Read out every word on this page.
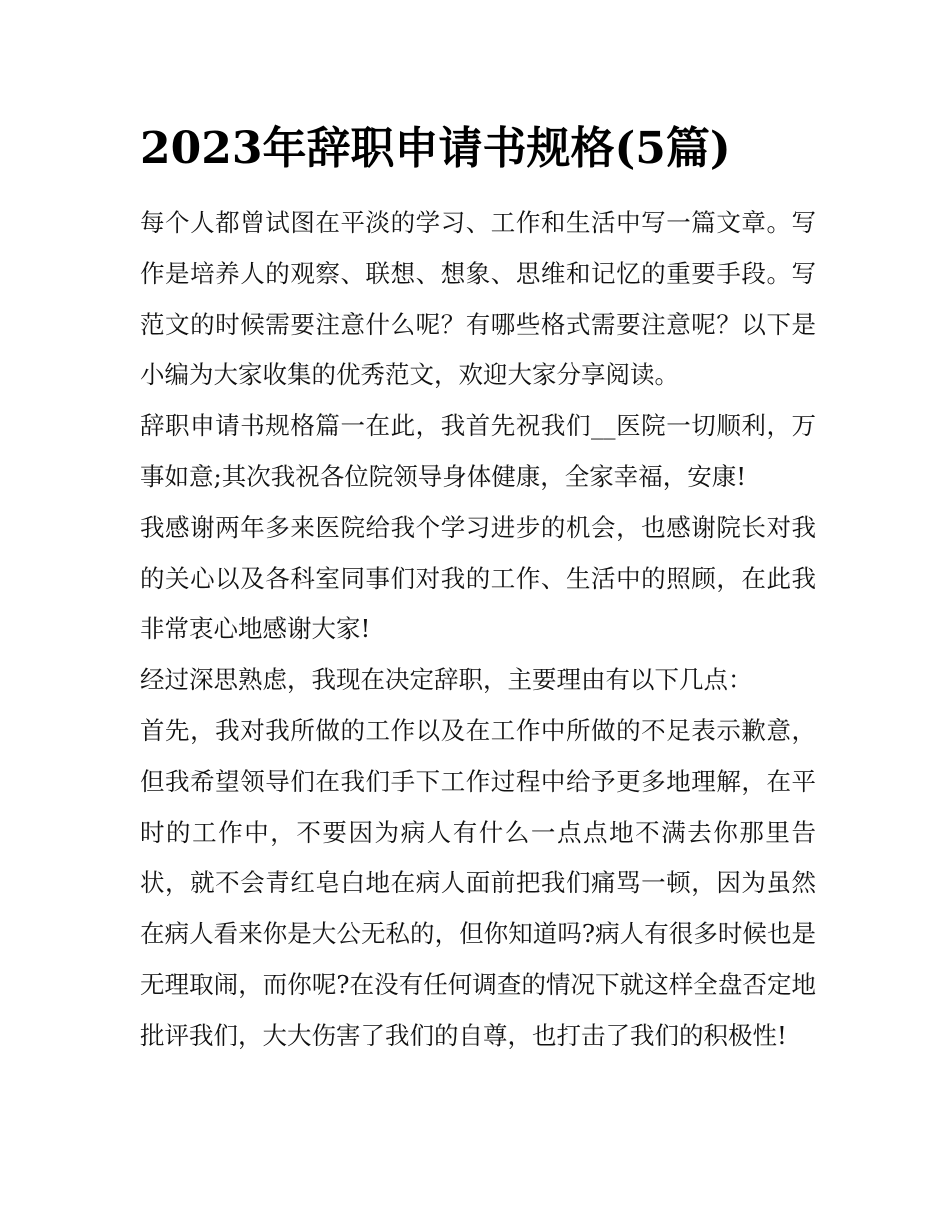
2023年辞职申请书规格(5篇)

每个人都曾试图在平淡的学习、工作和生活中写一篇文章。写作是培养人的观察、联想、想象、思维和记忆的重要手段。写范文的时候需要注意什么呢？有哪些格式需要注意呢？以下是小编为大家收集的优秀范文，欢迎大家分享阅读。

辞职申请书规格篇一在此，我首先祝我们__医院一切顺利，万事如意;其次我祝各位院领导身体健康，全家幸福，安康!

我感谢两年多来医院给我个学习进步的机会，也感谢院长对我的关心以及各科室同事们对我的工作、生活中的照顾，在此我非常衷心地感谢大家!

经过深思熟虑，我现在决定辞职，主要理由有以下几点：

首先，我对我所做的工作以及在工作中所做的不足表示歉意，但我希望领导们在我们手下工作过程中给予更多地理解，在平时的工作中，不要因为病人有什么一点点地不满去你那里告状，就不会青红皂白地在病人面前把我们痛骂一顿，因为虽然在病人看来你是大公无私的，但你知道吗?病人有很多时候也是无理取闹，而你呢?在没有任何调查的情况下就这样全盘否定地批评我们，大大伤害了我们的自尊，也打击了我们的积极性!
